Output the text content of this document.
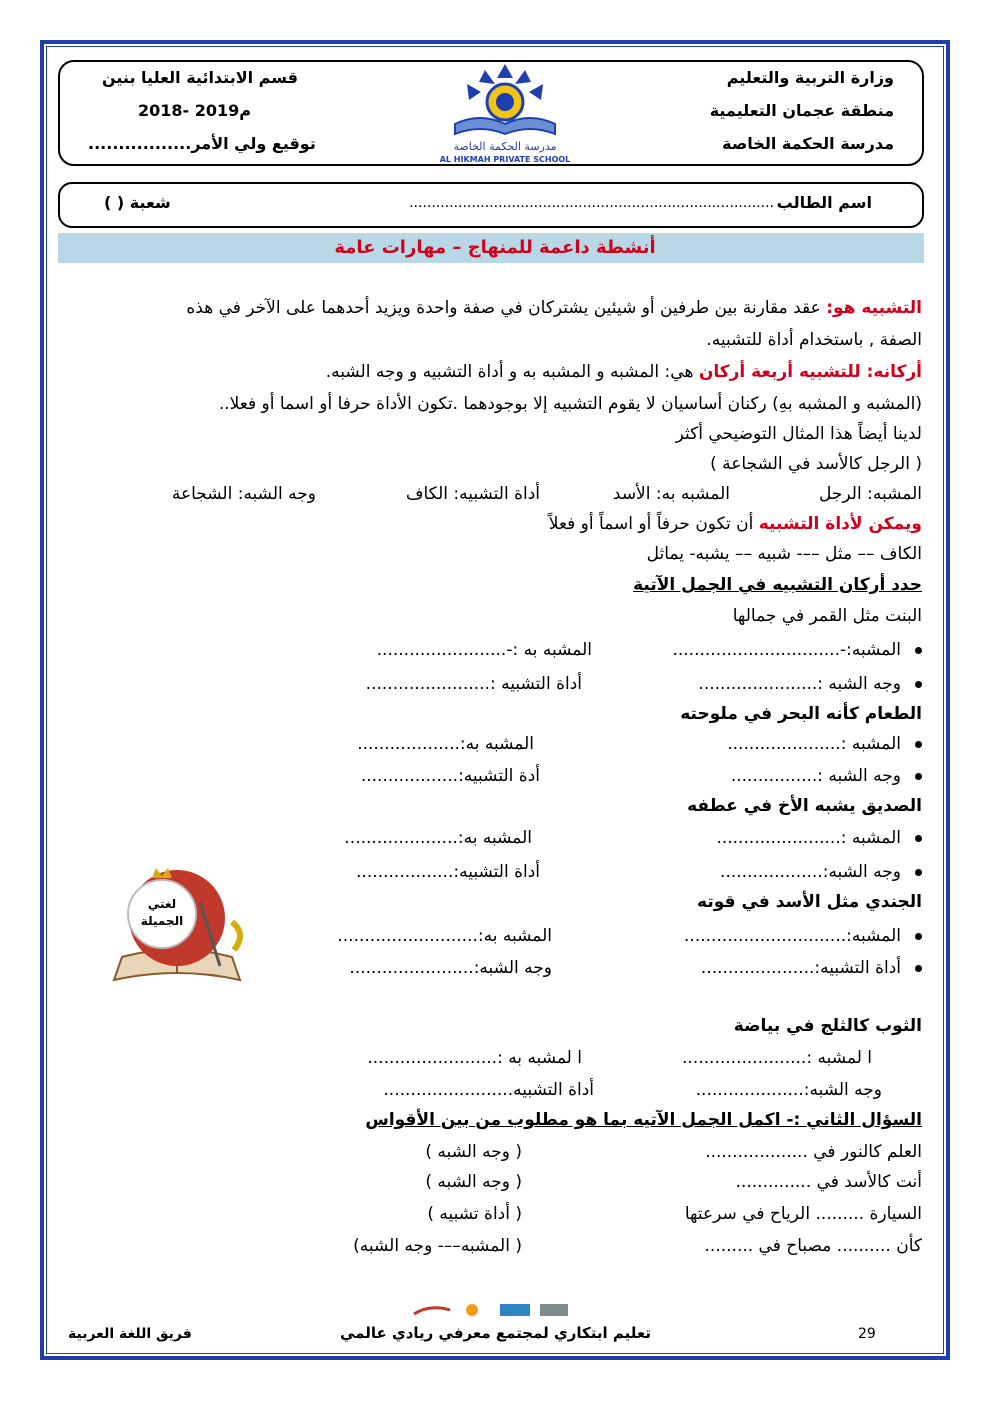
وزارة التربية والتعليم
منطقة عجمان التعليمية
مدرسة الحكمة الخاصة
قسم الابتدائية العليا بنين
2018- 2019م
توقيع ولي الأمر.................	مدرسة الحكمة الخاصة
AL HIKMAH PRIVATE SCHOOL
اسم الطالب
..................................................................................
شعبة ( )
أنشطة داعمة للمنهاج – مهارات عامة
التشبيه هو: عقد مقارنة بين طرفين أو شيئين يشتركان في صفة واحدة ويزيد أحدهما على الآخر في هذه
الصفة , باستخدام أداة للتشبيه.
أركانه: للتشبيه أربعة أركان هي: المشبه و المشبه به و أداة التشبيه و وجه الشبه.
(المشبه و المشبه بهِ) ركنان أساسيان لا يقوم التشبيه إلا بوجودهما .تكون الأداة حرفا أو اسما أو فعلا..
لدينا أيضاً هذا المثال التوضيحي أكثر
( الرجل كالأسد في الشجاعة )
المشبه: الرجل
المشبه به: الأسد
أداة التشبيه: الكاف
وجه الشبه: الشجاعة
ويمكن لأداة التشبيه أن تكون حرفاً أو اسماً أو فعلاً
الكاف –– مثل ––- شبيه –– يشبه- يماثل
حدد أركان التشبيه في الجمل الآتية
البنت مثل القمر في جمالها
المشبه:-...............................
المشبه به :-........................
وجه الشبه :......................
أداة التشبيه :.......................
الطعام كأنه البحر في ملوحته
المشبه :.....................
المشبه به:...................
وجه الشبه :................
أدة التشبيه:..................
الصديق يشبه الأخ في عطفه
المشبه :.......................
المشبه به:.....................
وجه الشبه:...................
أداة التشبيه:..................
الجندي مثل الأسد في قوته
المشبه:..............................
المشبه به:..........................
أداة التشبيه:.....................
وجه الشبه:.......................
الثوب كالثلج في بياضة
ا لمشبه :.......................
ا لمشبه به :........................
وجه الشبه:....................
أداة التشبيه........................
السؤال الثاني :- اكمل الجمل الآتيه بما هو مطلوب من بين الأقواس
العلم كالنور في ...................
( وجه الشبه )
أنت كالأسد في ..............
( وجه الشبه )
السيارة ......... الرياح في سرعتها
( أداة تشبيه )
كأن .......... مصباح في .........
( المشبه––- وجه الشبه)
لغتي
الجميلة
فريق اللغة العربية	تعليم ابتكاري لمجتمع معرفي ريادي عالمي	29
